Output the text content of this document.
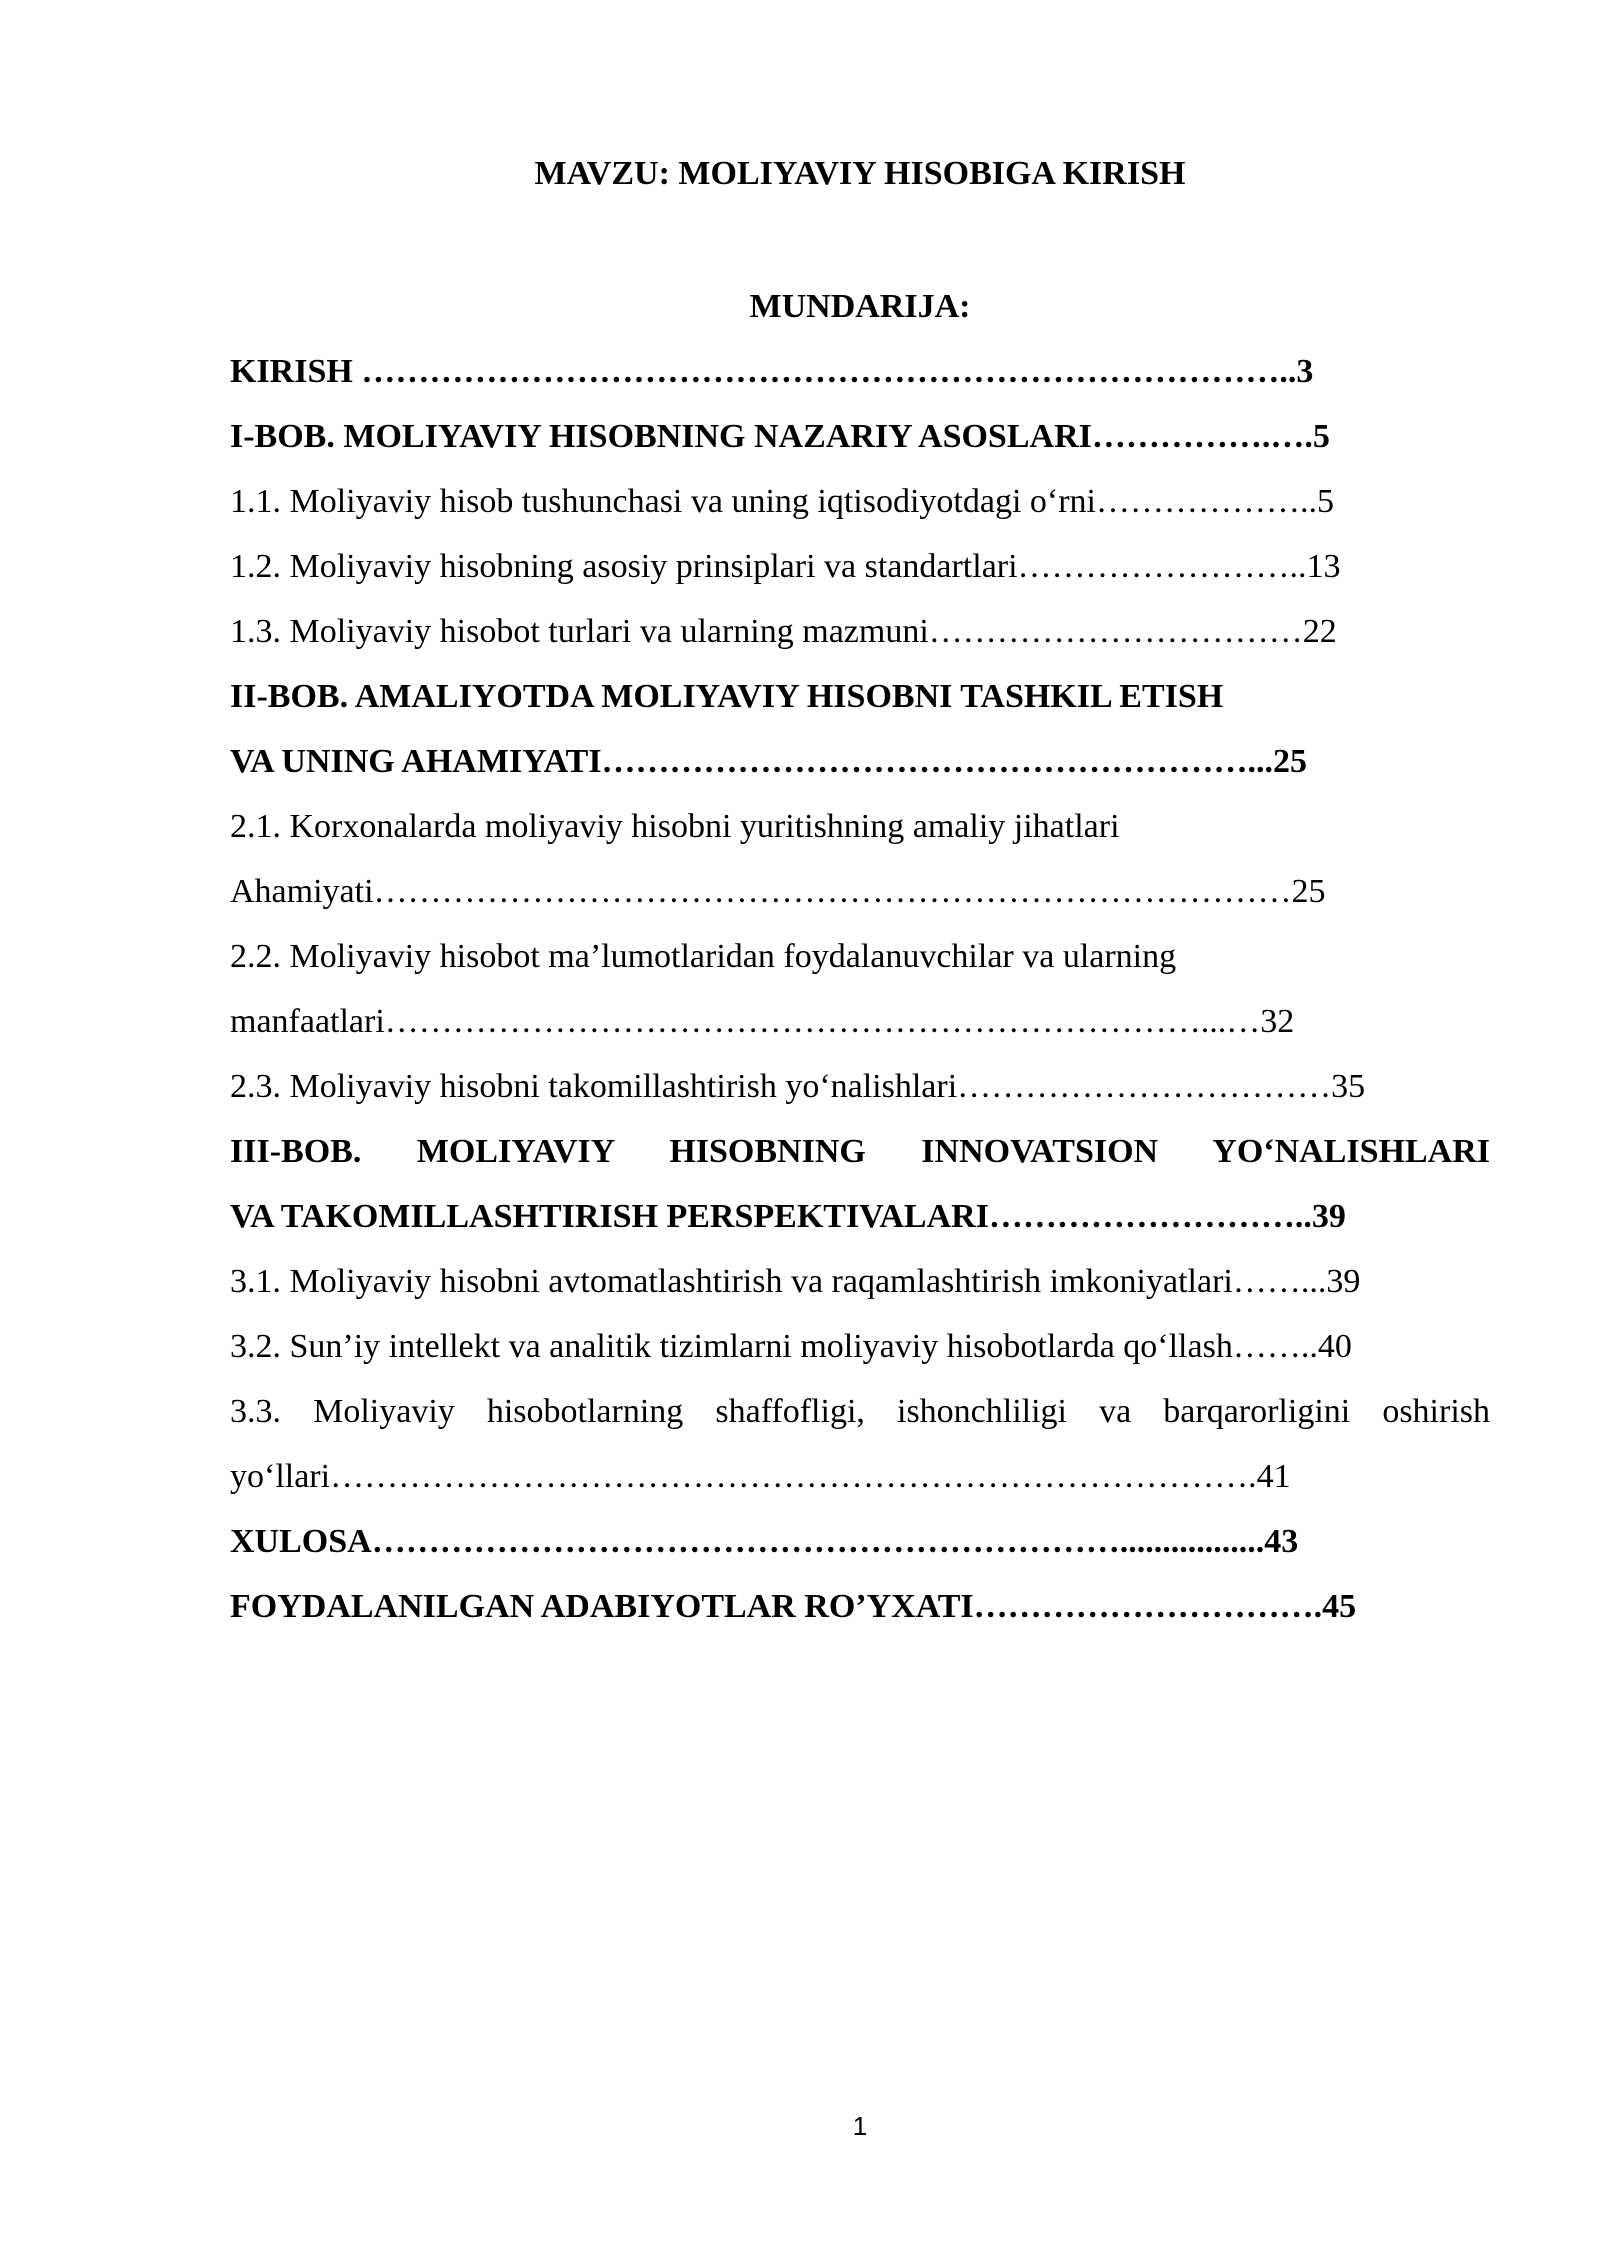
MAVZU: MOLIYAVIY HISOBIGA KIRISH
MUNDARIJA:
KIRISH ………………………………………………………………………..3
I-BOB. MOLIYAVIY HISOBNING NAZARIY ASOSLARI…………….….5
1.1. Moliyaviy hisob tushunchasi va uning iqtisodiyotdagi o‘rni………………..5
1.2. Moliyaviy hisobning asosiy prinsiplari va standartlari……………………..13
1.3. Moliyaviy hisobot turlari va ularning mazmuni……………………………22
II-BOB. AMALIYOTDA MOLIYAVIY HISOBNI TASHKIL ETISH
VA UNING AHAMIYATI…………………………………………………...25
2.1. Korxonalarda moliyaviy hisobni yuritishning amaliy jihatlari
Ahamiyati………………………………………………………………………25
2.2. Moliyaviy hisobot ma’lumotlaridan foydalanuvchilar va ularning
manfaatlari………………………………………………………………...…32
2.3. Moliyaviy hisobni takomillashtirish yo‘nalishlari……………………………35
III-BOB. MOLIYAVIY HISOBNING INNOVATSION YO‘NALISHLARI
VA TAKOMILLASHTIRISH PERSPEKTIVALARI………………………..39
3.1. Moliyaviy hisobni avtomatlashtirish va raqamlashtirish imkoniyatlari……...39
3.2. Sun’iy intellekt va analitik tizimlarni moliyaviy hisobotlarda qo‘llash……..40
3.3. Moliyaviy hisobotlarning shaffofligi, ishonchliligi va barqarorligini oshirish
yo‘llari……………………………………………………………………….41
XULOSA………………………………………………………….................43
FOYDALANILGAN ADABIYOTLAR RO’YXATI………………………….45
1
